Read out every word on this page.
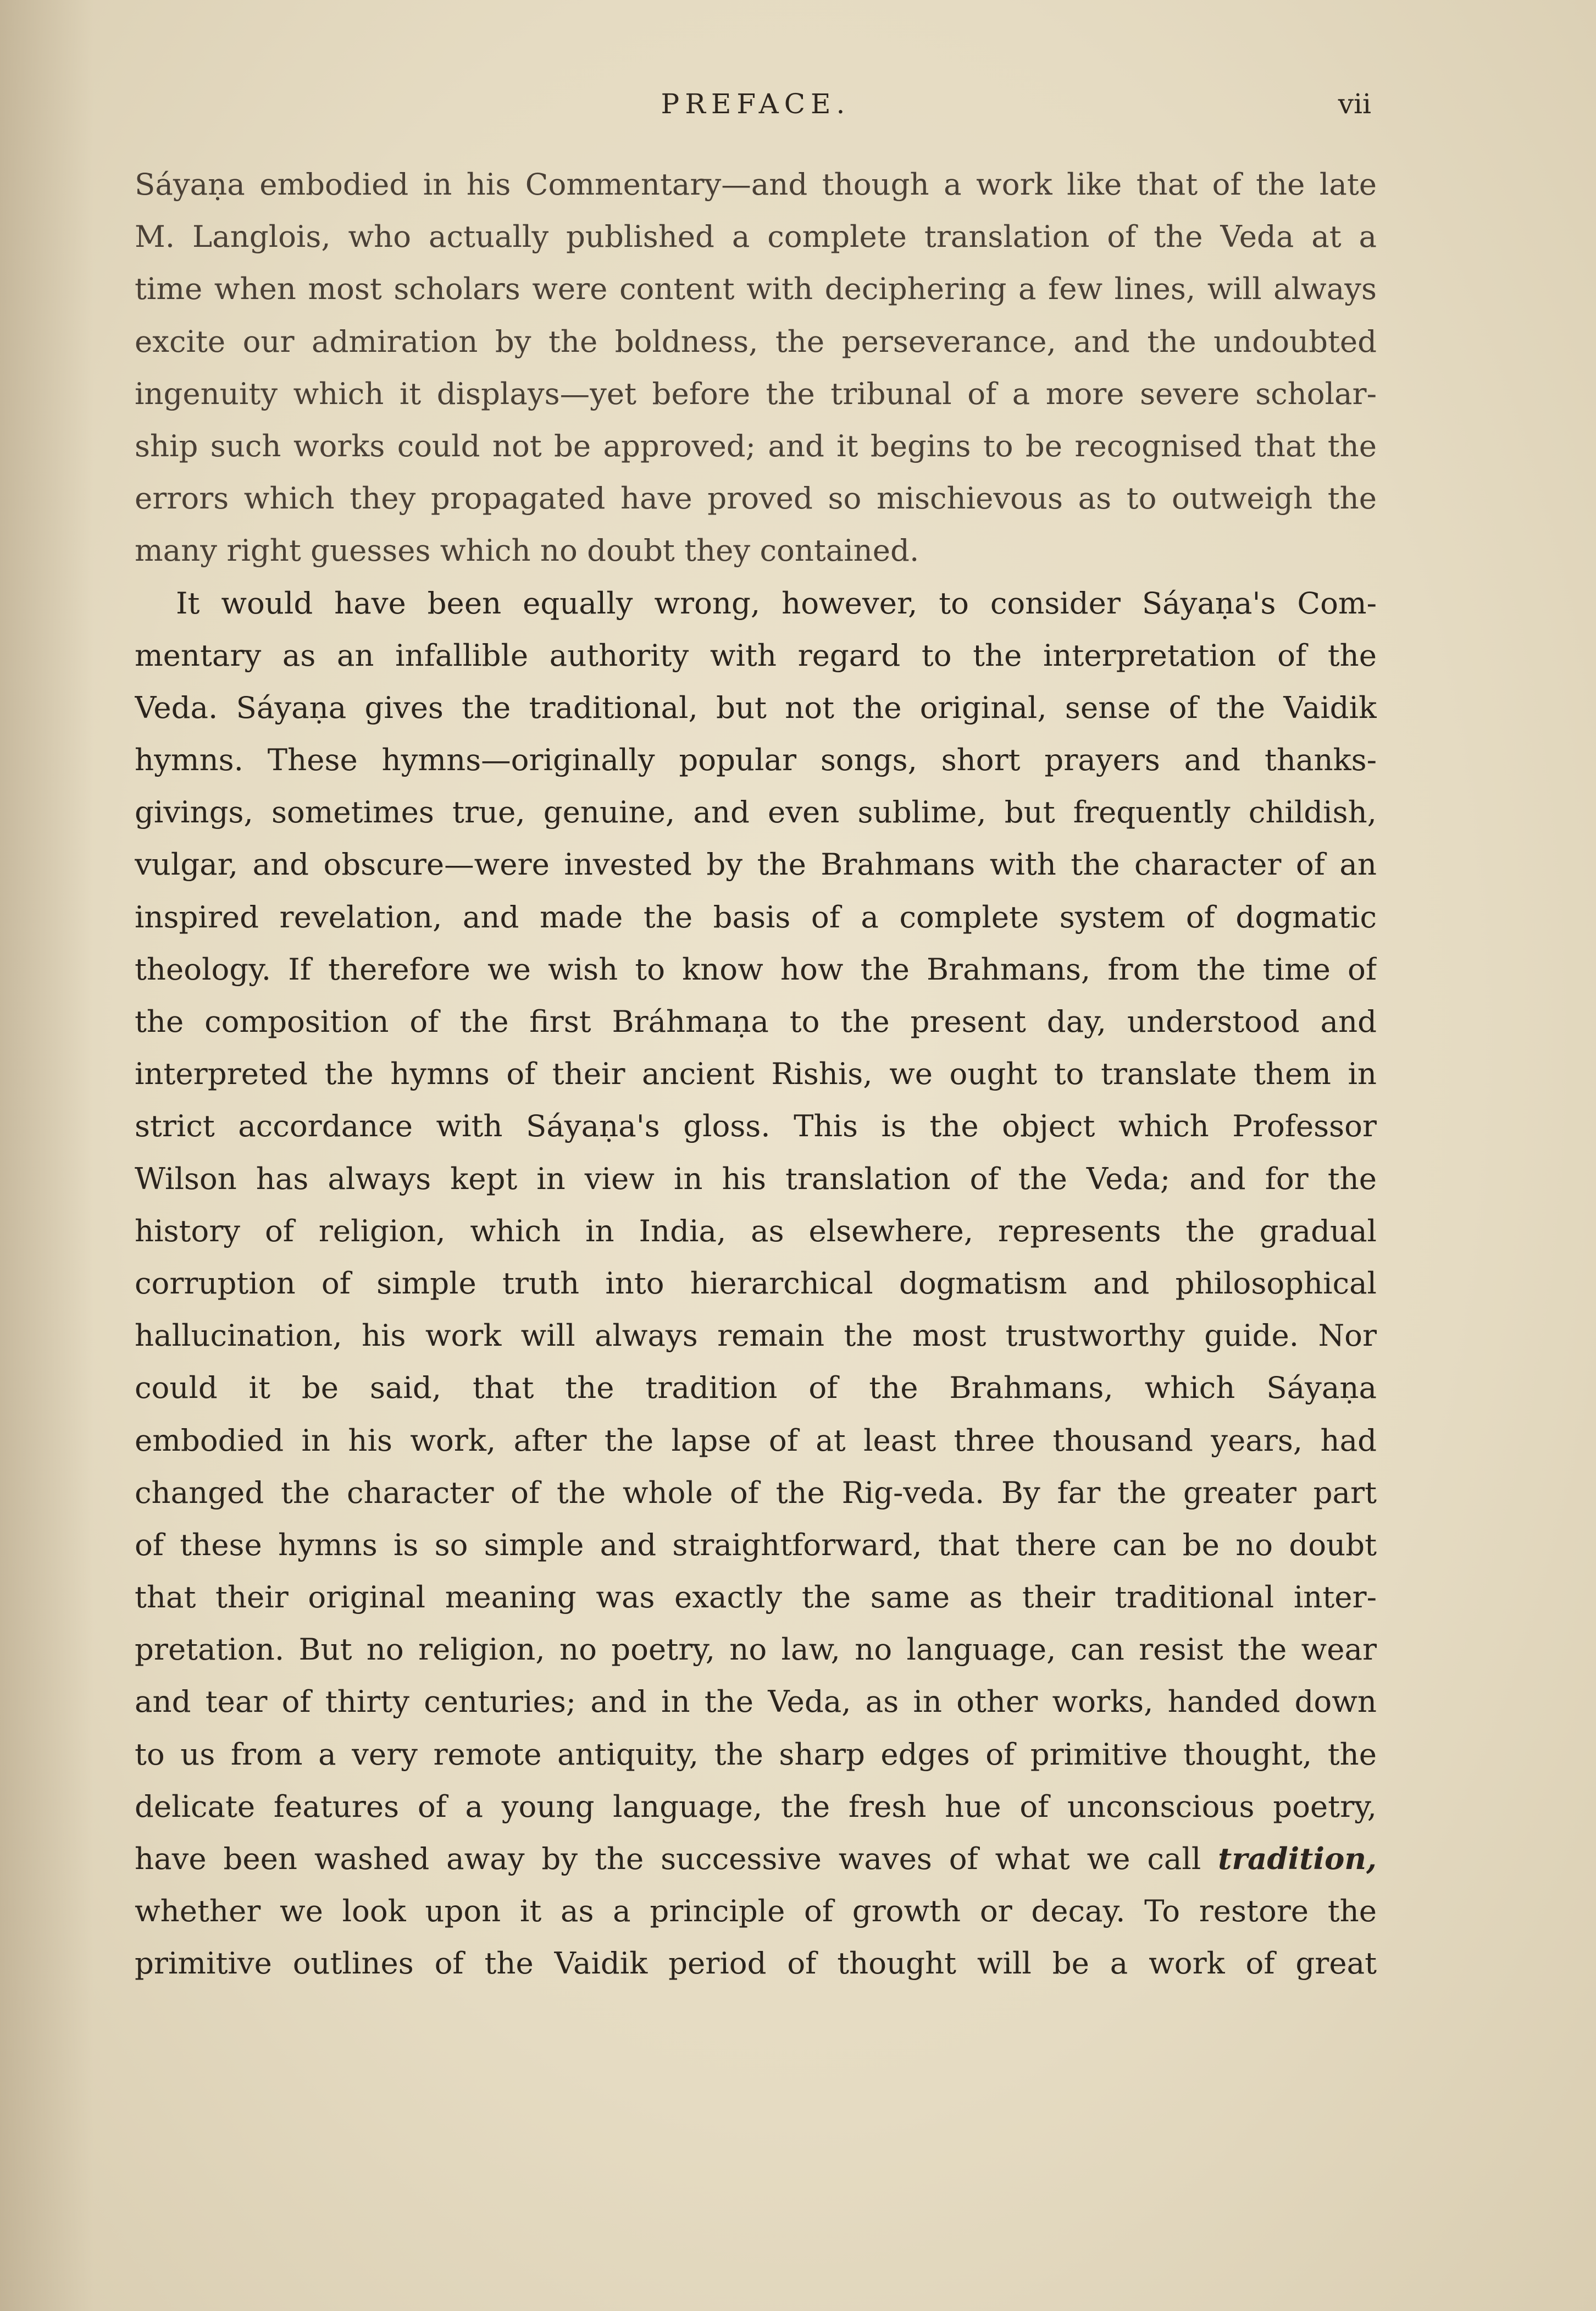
PREFACE.	vii
Sáyaṇa embodied in his Commentary—and though a work like that of the late
M. Langlois, who actually published a complete translation of the Veda at a
time when most scholars were content with deciphering a few lines, will always
excite our admiration by the boldness, the perseverance, and the undoubted
ingenuity which it displays—yet before the tribunal of a more severe scholar-
ship such works could not be approved; and it begins to be recognised that the
errors which they propagated have proved so mischievous as to outweigh the
many right guesses which no doubt they contained.
It would have been equally wrong, however, to consider Sáyaṇa's Com-
mentary as an infallible authority with regard to the interpretation of the
Veda. Sáyaṇa gives the traditional, but not the original, sense of the Vaidik
hymns. These hymns—originally popular songs, short prayers and thanks-
givings, sometimes true, genuine, and even sublime, but frequently childish,
vulgar, and obscure—were invested by the Brahmans with the character of an
inspired revelation, and made the basis of a complete system of dogmatic
theology. If therefore we wish to know how the Brahmans, from the time of
the composition of the first Bráhmaṇa to the present day, understood and
interpreted the hymns of their ancient Rishis, we ought to translate them in
strict accordance with Sáyaṇa's gloss. This is the object which Professor
Wilson has always kept in view in his translation of the Veda; and for the
history of religion, which in India, as elsewhere, represents the gradual
corruption of simple truth into hierarchical dogmatism and philosophical
hallucination, his work will always remain the most trustworthy guide. Nor
could it be said, that the tradition of the Brahmans, which Sáyaṇa
embodied in his work, after the lapse of at least three thousand years, had
changed the character of the whole of the Rig-veda. By far the greater part
of these hymns is so simple and straightforward, that there can be no doubt
that their original meaning was exactly the same as their traditional inter-
pretation. But no religion, no poetry, no law, no language, can resist the wear
and tear of thirty centuries; and in the Veda, as in other works, handed down
to us from a very remote antiquity, the sharp edges of primitive thought, the
delicate features of a young language, the fresh hue of unconscious poetry,
have been washed away by the successive waves of what we call tradition,
whether we look upon it as a principle of growth or decay. To restore the
primitive outlines of the Vaidik period of thought will be a work of great
